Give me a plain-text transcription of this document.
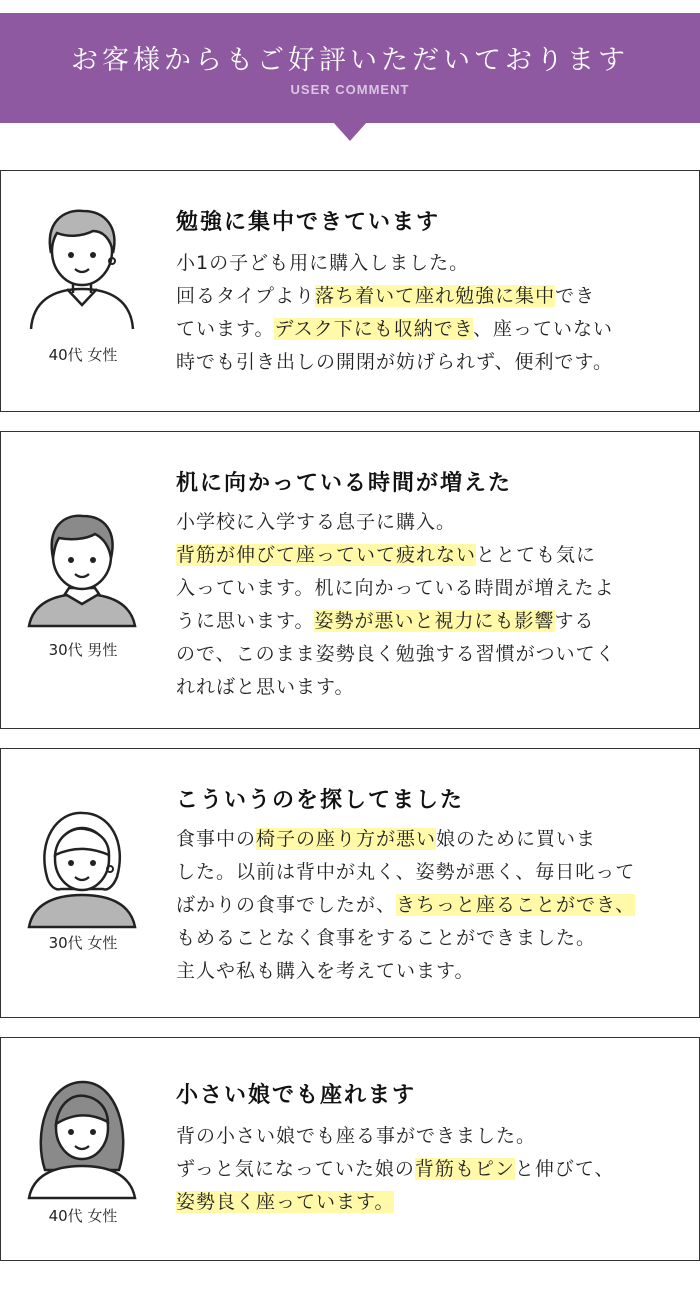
お客様からもご好評いただいております
USER COMMENT
40代 女性
勉強に集中できています
小1の子ども用に購入しました。
回るタイプより落ち着いて座れ勉強に集中でき
ています。デスク下にも収納でき、座っていない
時でも引き出しの開閉が妨げられず、便利です。
30代 男性
机に向かっている時間が増えた
小学校に入学する息子に購入。
背筋が伸びて座っていて疲れないととても気に
入っています。机に向かっている時間が増えたよ
うに思います。姿勢が悪いと視力にも影響する
ので、このまま姿勢良く勉強する習慣がついてく
れればと思います。
30代 女性
こういうのを探してました
食事中の椅子の座り方が悪い娘のために買いま
した。以前は背中が丸く、姿勢が悪く、毎日叱って
ばかりの食事でしたが、きちっと座ることができ、
もめることなく食事をすることができました。
主人や私も購入を考えています。
40代 女性
小さい娘でも座れます
背の小さい娘でも座る事ができました。
ずっと気になっていた娘の背筋もピンと伸びて、
姿勢良く座っています。
